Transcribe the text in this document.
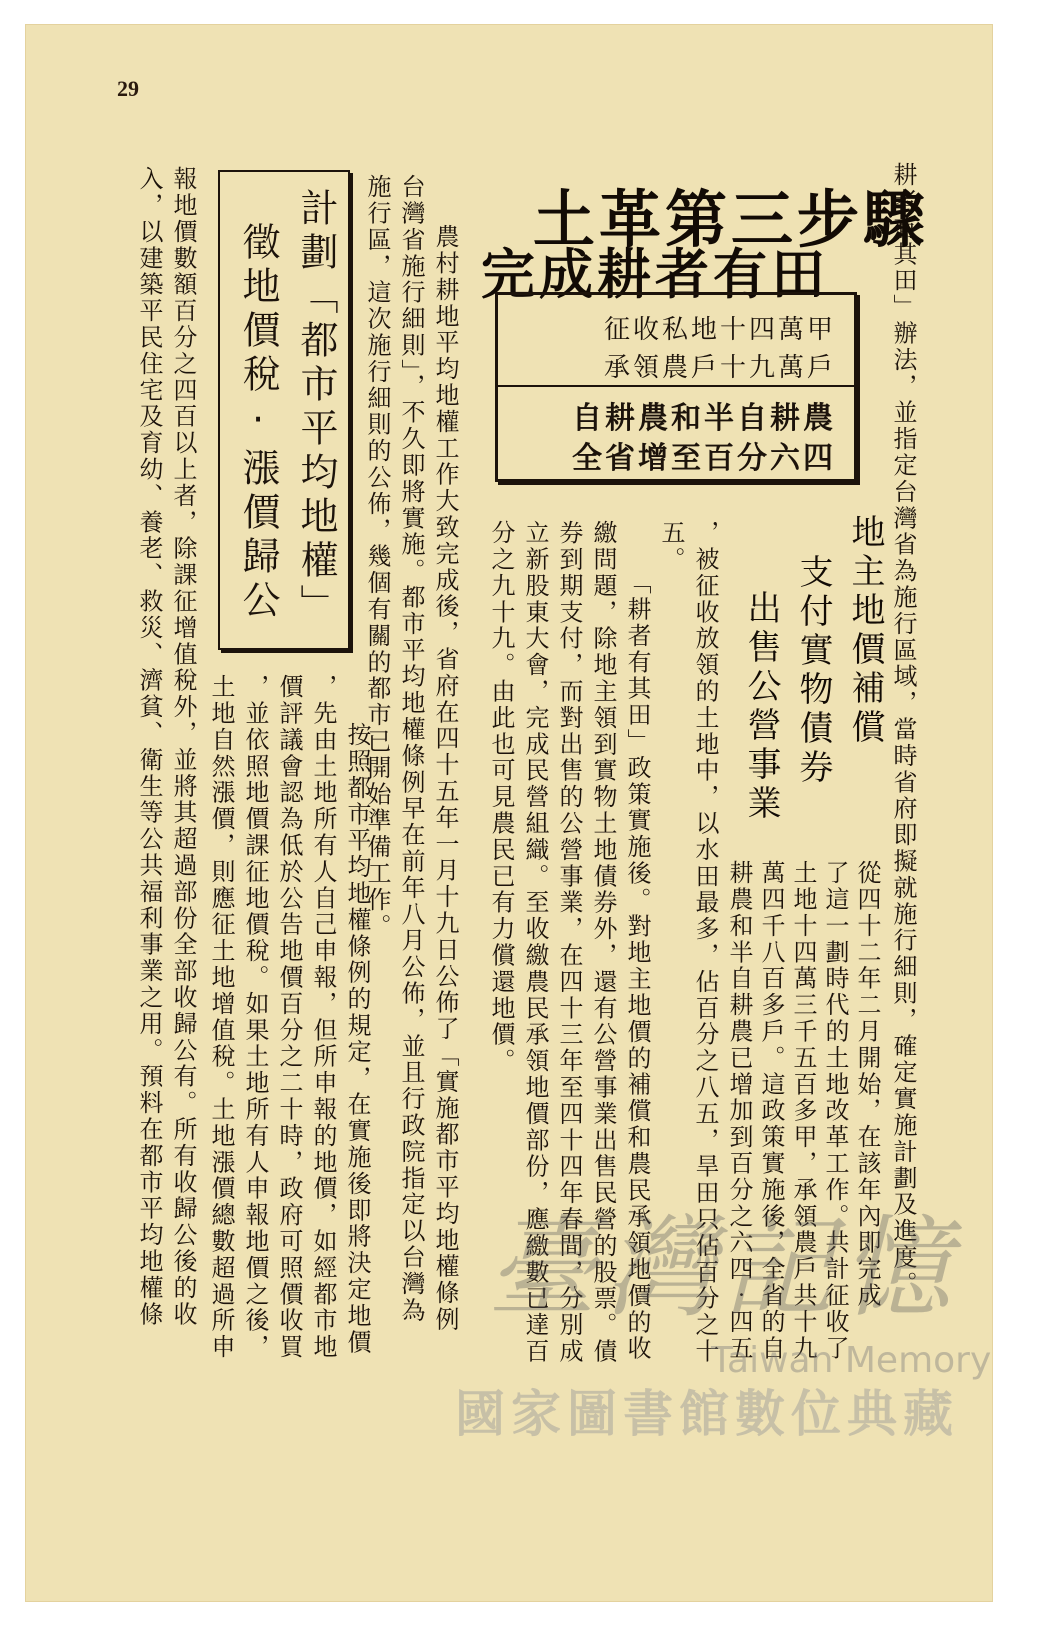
29
耕者有其田」辦法，並指定台灣省為施行區域，當時省府即擬就施行細則，確定實施計劃及進度。
土革第三步驟
完成耕者有田
征收私地十四萬甲
承領農戶十九萬戶
自耕農和半自耕農
全省增至百分六四
從四十二年二月開始，在該年內即完成
了這一劃時代的土地改革工作。共計征收了
土地十四萬三千五百多甲，承領農戶共十九
萬四千八百多戶。這政策實施後，全省的自
耕農和半自耕農已增加到百分之六四‧四五
，被征收放領的土地中，以水田最多，佔百分之八五，旱田只佔百分之十
五。	地主地價補償
支付實物債券
出售公營事業
「耕者有其田」政策實施後。對地主地價的補償和農民承領地價的收
繳問題，除地主領到實物土地債券外，還有公營事業出售民營的股票。債
券到期支付，而對出售的公營事業，在四十三年至四十四年春間，分別成
立新股東大會，完成民營組織。至收繳農民承領地價部份，應繳數已達百
分之九十九。由此也可見農民已有力償還地價。
農村耕地平均地權工作大致完成後，省府在四十五年一月十九日公佈了「實施都市平均地權條例
台灣省施行細則」，不久即將實施。都市平均地權條例早在前年八月公佈，並且行政院指定以台灣為
施行區，這次施行細則的公佈，幾個有關的都市已開始準備工作。
按照都市平均地權條例的規定，在實施後即將決定地價
，先由土地所有人自己申報，但所申報的地價，如經都市地
價評議會認為低於公告地價百分之二十時，政府可照價收買
，並依照地價課征地價稅。如果土地所有人申報地價之後，
土地自然漲價，則應征土地增值稅。土地漲價總數超過所申
計劃「都市平均地權」
徵地價稅‧漲價歸公
報地價數額百分之四百以上者，除課征增值稅外，並將其超過部份全部收歸公有。所有收歸公後的收
入，以建築平民住宅及育幼、養老、救災、濟貧、衛生等公共福利事業之用。預料在都市平均地權條	臺灣記憶
Taiwan Memory
國家圖書館數位典藏
